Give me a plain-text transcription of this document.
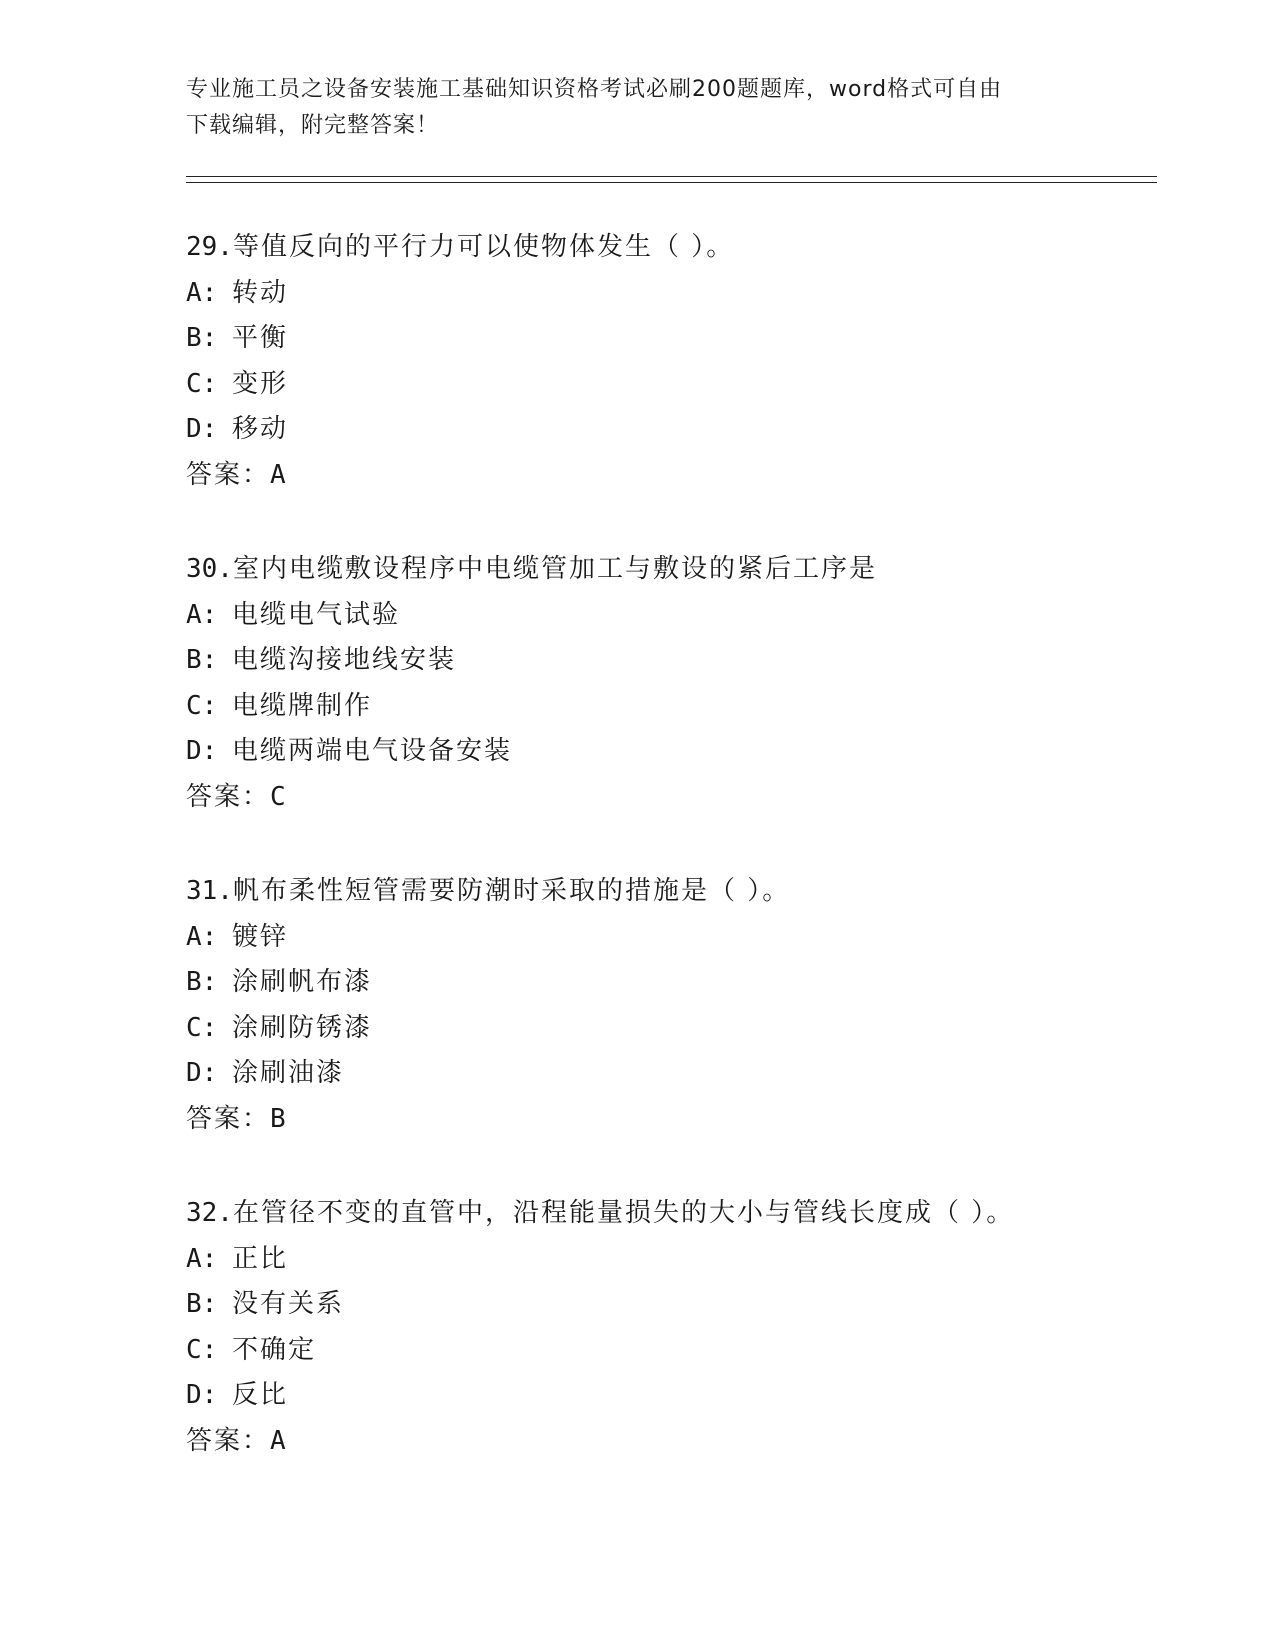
专业施工员之设备安装施工基础知识资格考试必刷200题题库，word格式可自由
下载编辑，附完整答案！
29.等值反向的平行力可以使物体发生（ ）。
A: 转动
B: 平衡
C: 变形
D: 移动
答案：A
30.室内电缆敷设程序中电缆管加工与敷设的紧后工序是
A: 电缆电气试验
B: 电缆沟接地线安装
C: 电缆牌制作
D: 电缆两端电气设备安装
答案：C
31.帆布柔性短管需要防潮时采取的措施是（ ）。
A: 镀锌
B: 涂刷帆布漆
C: 涂刷防锈漆
D: 涂刷油漆
答案：B
32.在管径不变的直管中，沿程能量损失的大小与管线长度成（ ）。
A: 正比
B: 没有关系
C: 不确定
D: 反比
答案：A
